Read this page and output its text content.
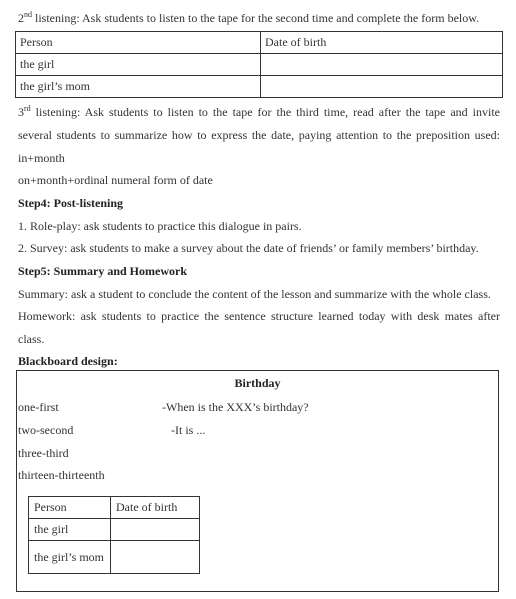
2nd listening: Ask students to listen to the tape for the second time and complete the form below.
Person	Date of birth
the girl	
the girl’s mom	
3rd listening: Ask students to listen to the tape for the third time, read after the tape and invite
several students to summarize how to express the date, paying attention to the preposition used:
in+month
on+month+ordinal numeral form of date
Step4: Post-listening
1. Role-play: ask students to practice this dialogue in pairs.
2. Survey: ask students to make a survey about the date of friends’ or family members’ birthday.
Step5: Summary and Homework
Summary: ask a student to conclude the content of the lesson and summarize with the whole class.
Homework: ask students to practice the sentence structure learned today with desk mates after
class.
Blackboard design:
Birthday
one-first
two-second
three-third
thirteen-thirteenth
-When is the XXX’s birthday?
-It is ...
Person	Date of birth
the girl	
the girl’s mom	
